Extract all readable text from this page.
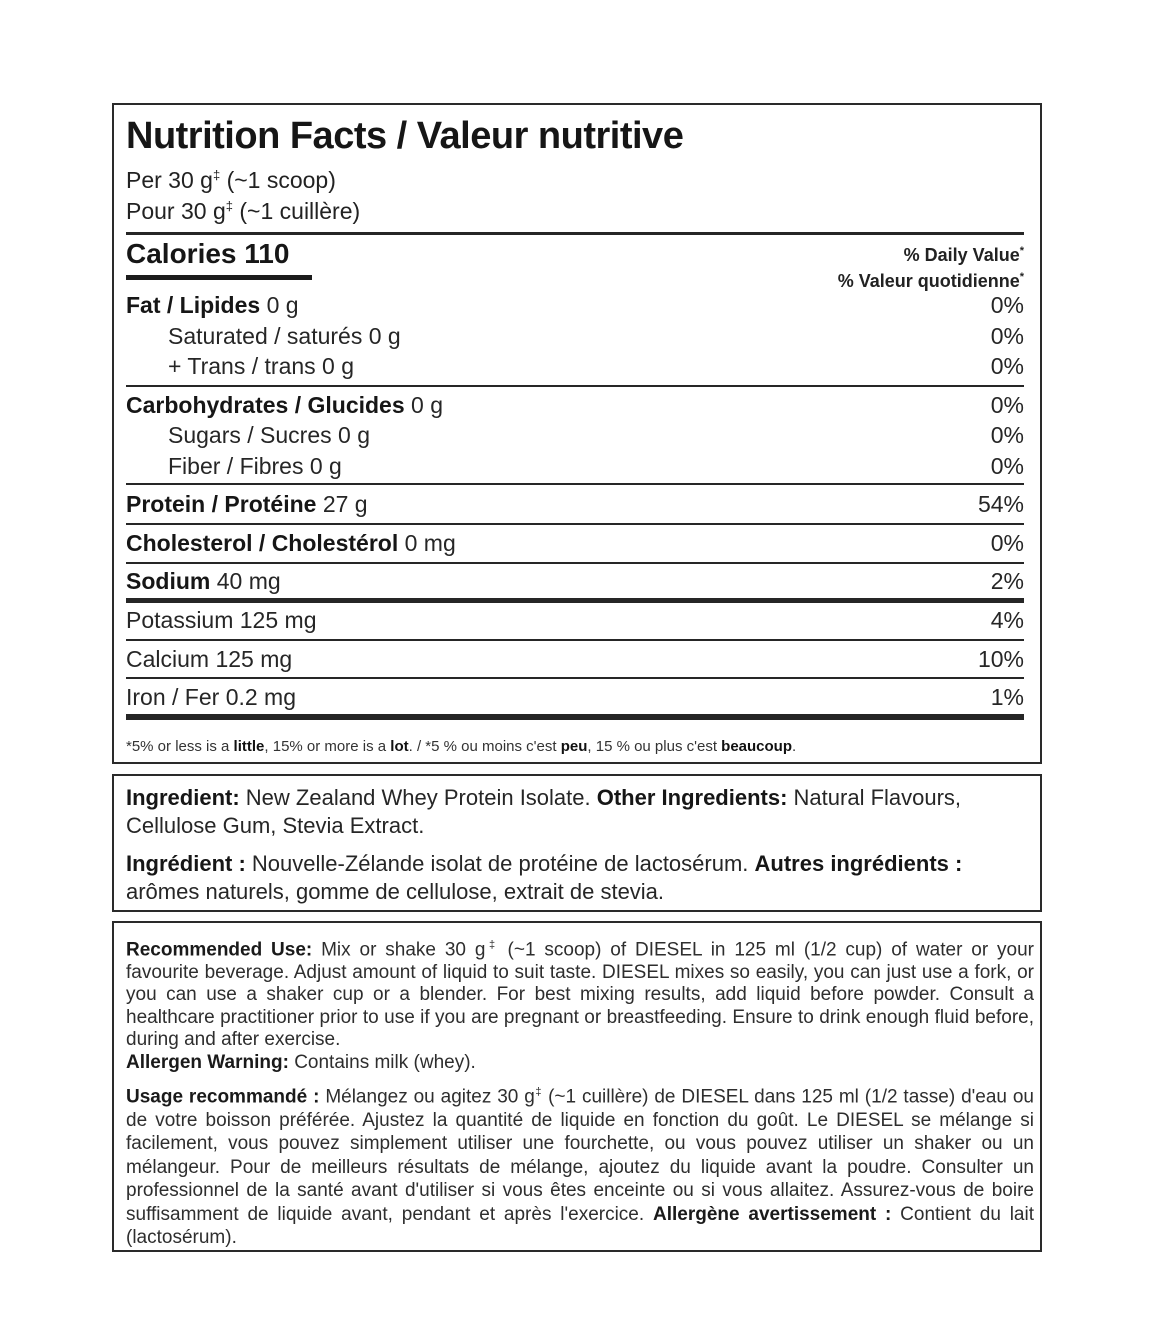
Nutrition Facts / Valeur nutritive
Per 30 g‡ (~1 scoop)
Pour 30 g‡ (~1 cuillère)
Calories 110	% Daily Value*
% Valeur quotidienne*
Fat / Lipides 0 g	0%
Saturated / saturés 0 g	0%
+ Trans / trans 0 g	0%
Carbohydrates / Glucides 0 g	0%
Sugars / Sucres 0 g	0%
Fiber / Fibres 0 g	0%
Protein / Protéine 27 g	54%
Cholesterol / Cholestérol 0 mg	0%
Sodium 40 mg	2%
Potassium 125 mg	4%
Calcium 125 mg	10%
Iron / Fer 0.2 mg	1%
*5% or less is a little, 15% or more is a lot. / *5 % ou moins c'est peu, 15 % ou plus c'est beaucoup.
Ingredient: New Zealand Whey Protein Isolate. Other Ingredients: Natural Flavours, Cellulose Gum, Stevia Extract.
Ingrédient : Nouvelle-Zélande isolat de protéine de lactosérum. Autres ingrédients : arômes naturels, gomme de cellulose, extrait de stevia.
Recommended Use: Mix or shake 30 g‡ (~1 scoop) of DIESEL in 125 ml (1/2 cup) of water or your favourite beverage. Adjust amount of liquid to suit taste. DIESEL mixes so easily, you can just use a fork, or you can use a shaker cup or a blender. For best mixing results, add liquid before powder. Consult a healthcare practitioner prior to use if you are pregnant or breastfeeding. Ensure to drink enough fluid before, during and after exercise.
Allergen Warning: Contains milk (whey).
Usage recommandé : Mélangez ou agitez 30 g‡ (~1 cuillère) de DIESEL dans 125 ml (1/2 tasse) d'eau ou de votre boisson préférée. Ajustez la quantité de liquide en fonction du goût. Le DIESEL se mélange si facilement, vous pouvez simplement utiliser une fourchette, ou vous pouvez utiliser un shaker ou un mélangeur. Pour de meilleurs résultats de mélange, ajoutez du liquide avant la poudre. Consulter un professionnel de la santé avant d'utiliser si vous êtes enceinte ou si vous allaitez. Assurez-vous de boire suffisamment de liquide avant, pendant et après l'exercice. Allergène avertissement : Contient du lait (lactosérum).
